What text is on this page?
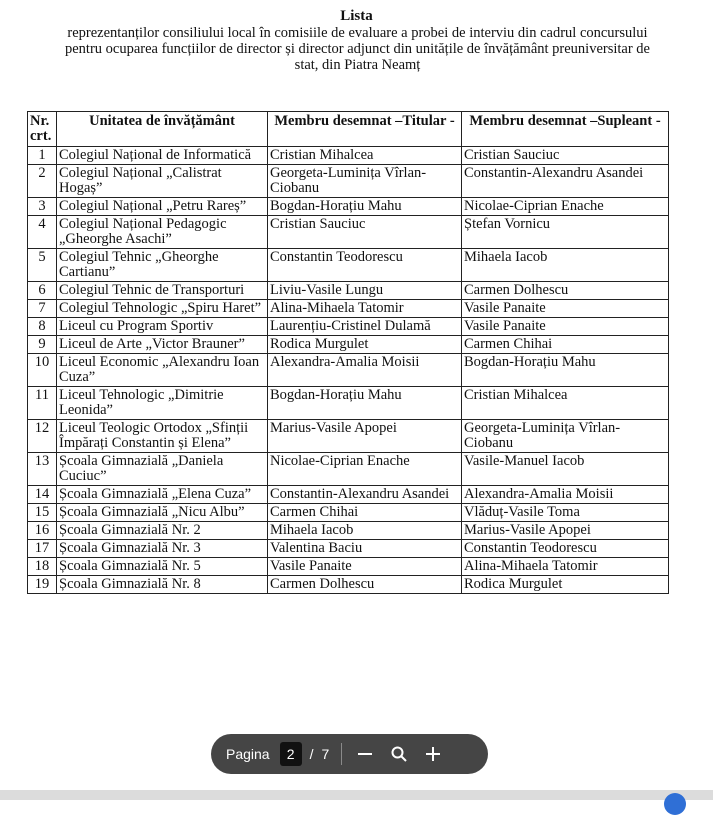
Lista
reprezentanților consiliului local în comisiile de evaluare a probei de interviu din cadrul concursului pentru ocuparea funcțiilor de director și director adjunct din unitățile de învățământ preuniversitar de stat, din Piatra Neamț
Nr. crt.	Unitatea de învățământ	Membru desemnat –Titular -	Membru desemnat –Supleant -
1	Colegiul Național de Informatică	Cristian Mihalcea	Cristian Sauciuc
2	Colegiul Național „Calistrat Hogaș”	Georgeta-Luminița Vîrlan-Ciobanu	Constantin-Alexandru Asandei
3	Colegiul Național „Petru Rareș”	Bogdan-Horațiu Mahu	Nicolae-Ciprian Enache
4	Colegiul Național Pedagogic „Gheorghe Asachi”	Cristian Sauciuc	Ștefan Vornicu
5	Colegiul Tehnic „Gheorghe Cartianu”	Constantin Teodorescu	Mihaela Iacob
6	Colegiul Tehnic de Transporturi	Liviu-Vasile Lungu	Carmen Dolhescu
7	Colegiul Tehnologic „Spiru Haret”	Alina-Mihaela Tatomir	Vasile Panaite
8	Liceul cu Program Sportiv	Laurențiu-Cristinel Dulamă	Vasile Panaite
9	Liceul de Arte „Victor Brauner”	Rodica Murgulet	Carmen Chihai
10	Liceul Economic „Alexandru Ioan Cuza”	Alexandra-Amalia Moisii	Bogdan-Horațiu Mahu
11	Liceul Tehnologic „Dimitrie Leonida”	Bogdan-Horațiu Mahu	Cristian Mihalcea
12	Liceul Teologic Ortodox „Sfinții Împărați Constantin și Elena”	Marius-Vasile Apopei	Georgeta-Luminița Vîrlan-Ciobanu
13	Școala Gimnazială „Daniela Cuciuc”	Nicolae-Ciprian Enache	Vasile-Manuel Iacob
14	Școala Gimnazială „Elena Cuza”	Constantin-Alexandru Asandei	Alexandra-Amalia Moisii
15	Școala Gimnazială „Nicu Albu”	Carmen Chihai	Vlăduț-Vasile Toma
16	Școala Gimnazială Nr. 2	Mihaela Iacob	Marius-Vasile Apopei
17	Școala Gimnazială Nr. 3	Valentina Baciu	Constantin Teodorescu
18	Școala Gimnazială Nr. 5	Vasile Panaite	Alina-Mihaela Tatomir
19	Școala Gimnazială Nr. 8	Carmen Dolhescu	Rodica Murgulet
Pagina	2	/ 7
